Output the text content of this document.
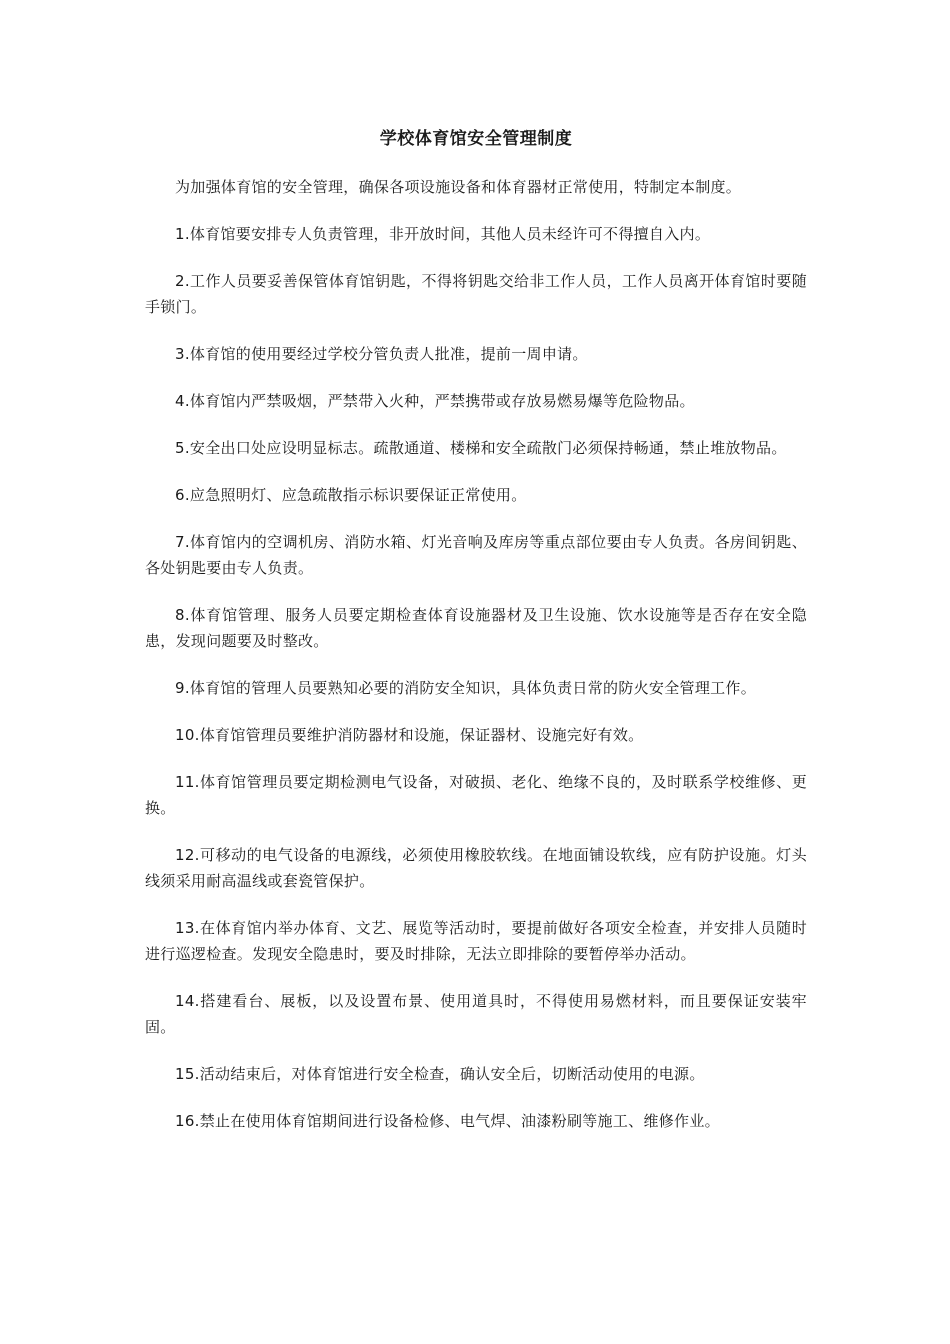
学校体育馆安全管理制度

为加强体育馆的安全管理，确保各项设施设备和体育器材正常使用，特制定本制度。

1.体育馆要安排专人负责管理，非开放时间，其他人员未经许可不得擅自入内。

2.工作人员要妥善保管体育馆钥匙，不得将钥匙交给非工作人员，工作人员离开体育馆时要随手锁门。

3.体育馆的使用要经过学校分管负责人批准，提前一周申请。

4.体育馆内严禁吸烟，严禁带入火种，严禁携带或存放易燃易爆等危险物品。

5.安全出口处应设明显标志。疏散通道、楼梯和安全疏散门必须保持畅通，禁止堆放物品。

6.应急照明灯、应急疏散指示标识要保证正常使用。

7.体育馆内的空调机房、消防水箱、灯光音响及库房等重点部位要由专人负责。各房间钥匙、各处钥匙要由专人负责。

8.体育馆管理、服务人员要定期检查体育设施器材及卫生设施、饮水设施等是否存在安全隐患，发现问题要及时整改。

9.体育馆的管理人员要熟知必要的消防安全知识，具体负责日常的防火安全管理工作。

10.体育馆管理员要维护消防器材和设施，保证器材、设施完好有效。

11.体育馆管理员要定期检测电气设备，对破损、老化、绝缘不良的，及时联系学校维修、更换。

12.可移动的电气设备的电源线，必须使用橡胶软线。在地面铺设软线，应有防护设施。灯头线须采用耐高温线或套瓷管保护。

13.在体育馆内举办体育、文艺、展览等活动时，要提前做好各项安全检查，并安排人员随时进行巡逻检查。发现安全隐患时，要及时排除，无法立即排除的要暂停举办活动。

14.搭建看台、展板，以及设置布景、使用道具时，不得使用易燃材料，而且要保证安装牢固。

15.活动结束后，对体育馆进行安全检查，确认安全后，切断活动使用的电源。

16.禁止在使用体育馆期间进行设备检修、电气焊、油漆粉刷等施工、维修作业。
